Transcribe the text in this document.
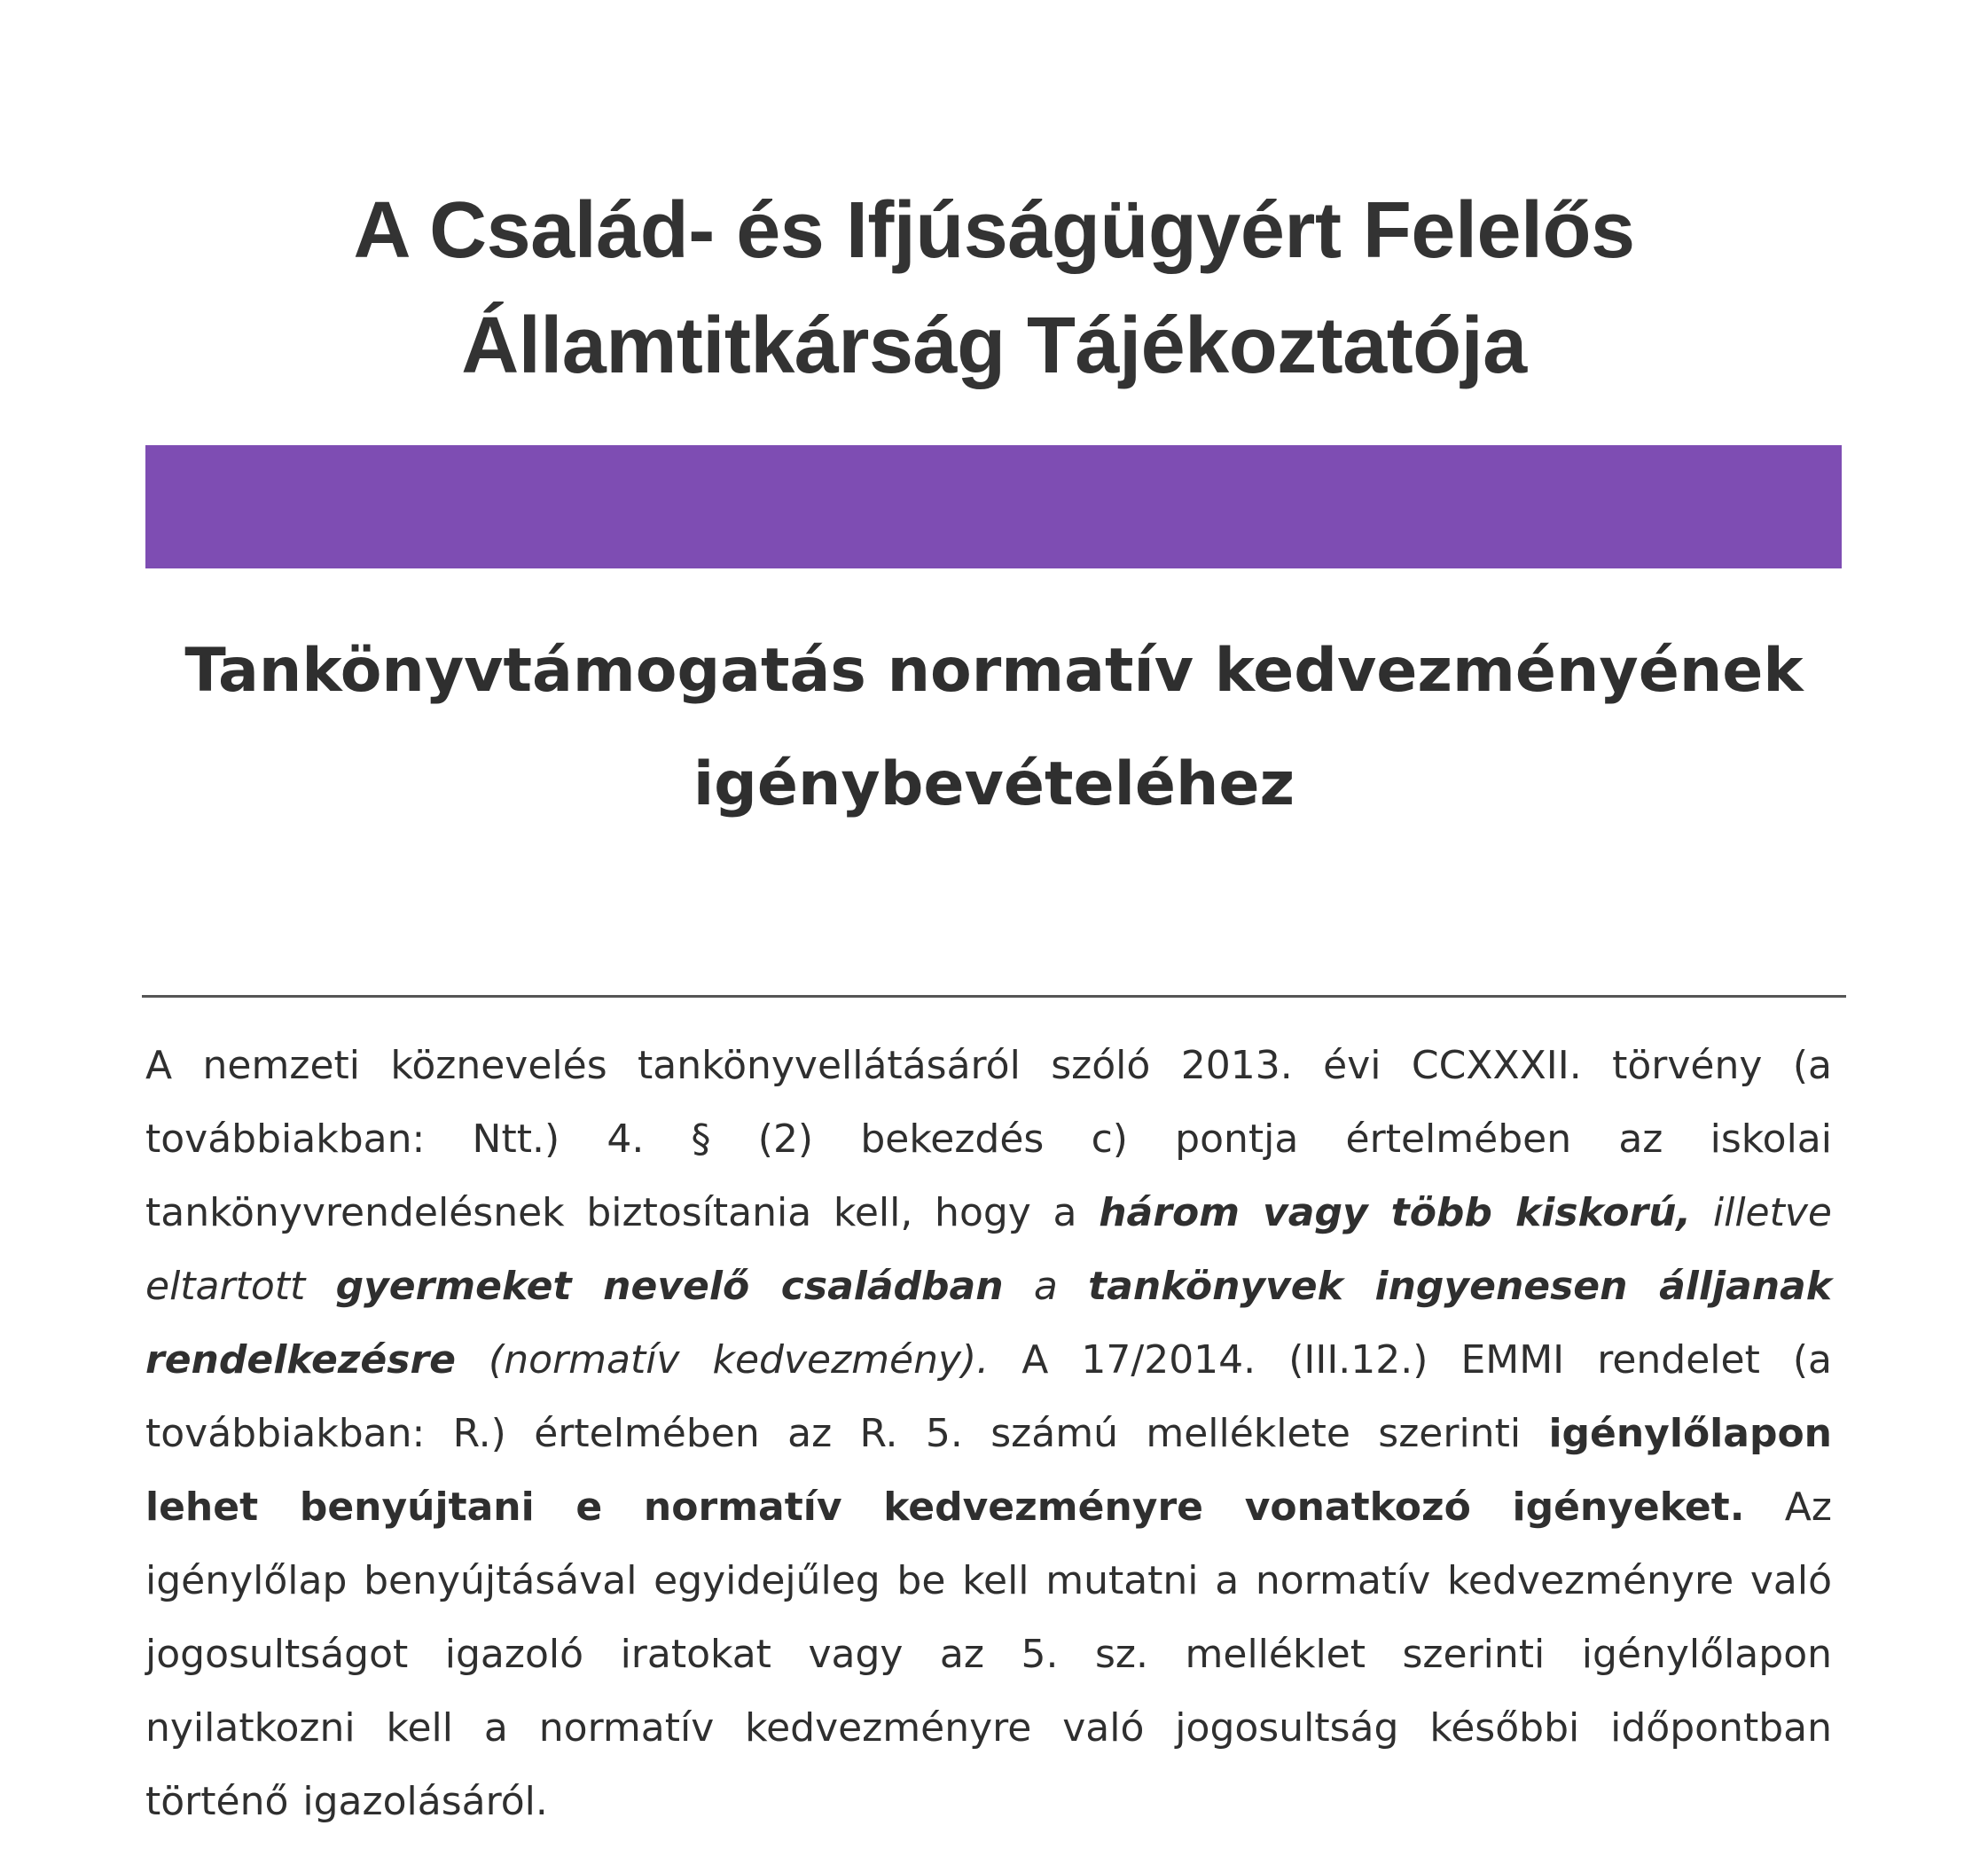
A Család- és Ifjúságügyért Felelős
Államtitkárság Tájékoztatója
Tankönyvtámogatás normatív kedvezményének
igénybevételéhez

A nemzeti köznevelés tankönyvellátásáról szóló 2013. évi CCXXXII. törvény (a továbbiakban: Ntt.) 4. § (2) bekezdés c) pontja értelmében az iskolai tankönyvrendelésnek biztosítania kell, hogy a három vagy több kiskorú, illetve eltartott gyermeket nevelő családban a tankönyvek ingyenesen álljanak rendelkezésre (normatív kedvezmény). A 17/2014. (III.12.) EMMI rendelet (a továbbiakban: R.) értelmében az R. 5. számú melléklete szerinti igénylőlapon lehet benyújtani e normatív kedvezményre vonatkozó igényeket. Az igénylőlap benyújtásával egyidejűleg be kell mutatni a normatív kedvezményre való jogosultságot igazoló iratokat vagy az 5. sz. melléklet szerinti igénylőlapon nyilatkozni kell a normatív kedvezményre való jogosultság későbbi időpontban történő igazolásáról.
